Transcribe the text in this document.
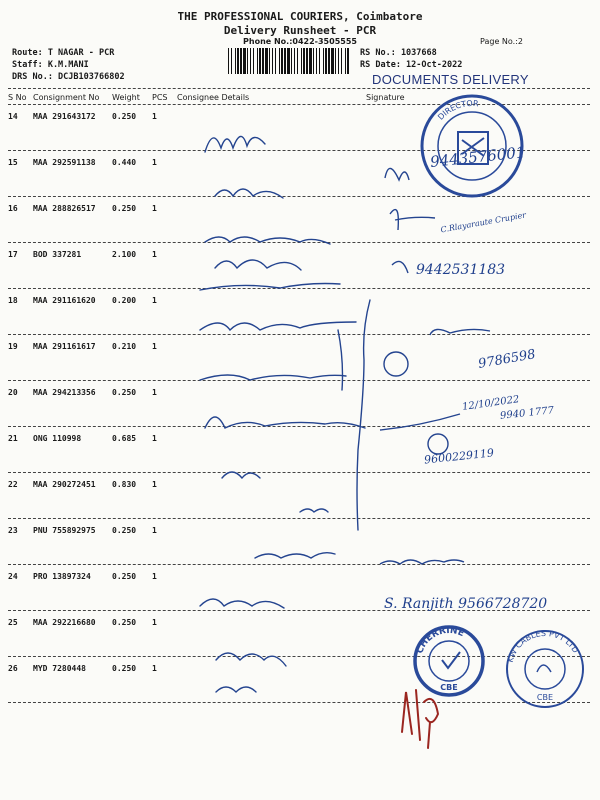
THE PROFESSIONAL COURIERS, Coimbatore
Delivery Runsheet - PCR
Phone No.:0422-3505555	Page No.:2
Route: T NAGAR - PCR
Staff: K.M.MANI
DRS No.: DCJB103766802
RS No.: 1037668
RS Date: 12-Oct-2022
DOCUMENTS DELIVERY
S No Consignment No Weight PCS Consignee Details	Signature
14 MAA 291643172 0.250 1
15 MAA 292591138 0.440 1
16 MAA 288826517 0.250 1
17 BOD 337281	2.100 1
18 MAA 291161620 0.200 1
19 MAA 291161617 0.210 1
20 MAA 294213356 0.250 1
21 ONG 110998	0.685 1
22 MAA 290272451 0.830 1
23 PNU 755892975 0.250 1
24 PRO 13897324	0.250 1
25 MAA 292216680 0.250 1
26 MYD 7280448	0.250 1
9443576001
C.Rlayaraute Crupier
9442531183
9786598
12/10/2022
9940 1777
9600229119
S. Ranjith 9566728720
DIRECTOR
CHERRINE
CBE
KW CABLES PVT LTD
CBE
